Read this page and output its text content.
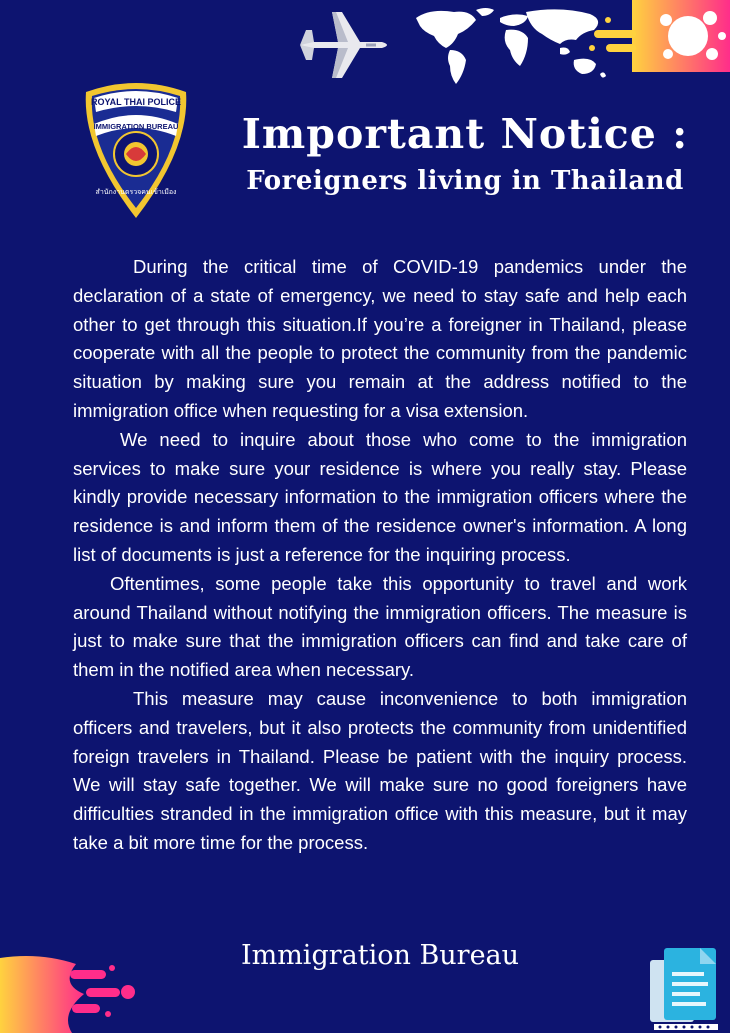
ROYAL THAI POLICE
IMMIGRATION BUREAU
สำนักงานตรวจคนเข้าเมือง
Important Notice :
Foreigners living in Thailand

During the critical time of COVID-19 pandemics under the declaration of a state of emergency, we need to stay safe and help each other to get through this situation.If you’re a foreigner in Thailand, please cooperate with all the people to protect the community from the pandemic situation by making sure you remain at the address notified to the immigration office when requesting for a visa extension.

We need to inquire about those who come to the immigration services to make sure your residence is where you really stay. Please kindly provide necessary information to the immigration officers where the residence is and inform them of the residence owner's information. A long list of documents is just a reference for the inquiring process.

Oftentimes, some people take this opportunity to travel and work around Thailand without notifying the immigration officers. The measure is just to make sure that the immigration officers can find and take care of them in the notified area when necessary.

This measure may cause inconvenience to both immigration officers and travelers, but it also protects the community from unidentified foreign travelers in Thailand. Please be patient with the inquiry process. We will stay safe together. We will make sure no good foreigners have difficulties stranded in the immigration office with this measure, but it may take a bit more time for the process.

Immigration Bureau
